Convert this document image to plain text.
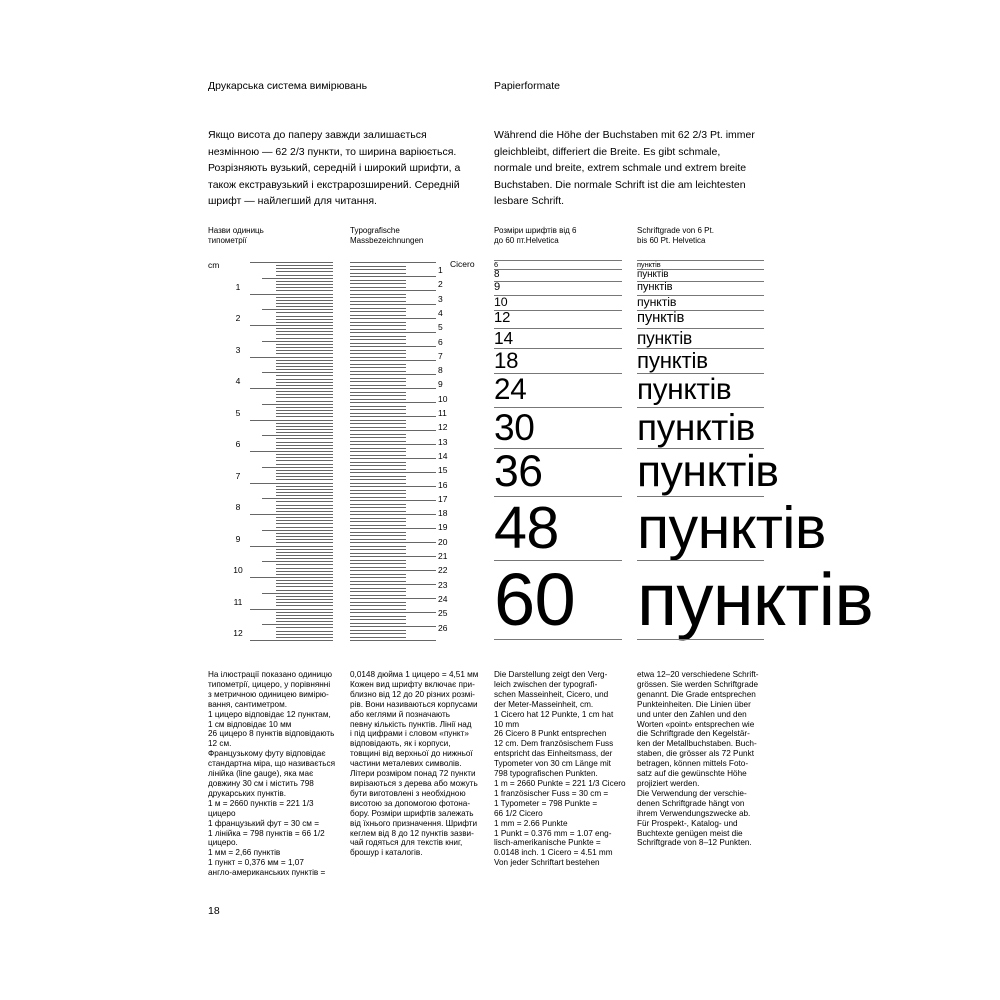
Друкарська система вимірювань	Papierformate
Якщо висота до паперу завжди залишається незмінною — 62 2/3 пункти, то ширина варіюється. Розрізняють вузький, середній і широкий шрифти, а також екстравузький і екстрарозширений. Середній шрифт — найлегший для читання.
Während die Höhe der Buchstaben mit 62 2/3 Pt. immer gleichbleibt, differiert die Breite. Es gibt schmale, normale und breite, extrem schmale und extrem breite Buchstaben. Die normale Schrift ist die am leichtesten lesbare Schrift.
Назви одиниць
типометрії
Typografische
Massbezeichnungen
Розміри шрифтів від 6
до 60 пт.Helvetica
Schriftgrade von 6 Pt.
bis 60 Pt. Helvetica
cm	Cicero
1
2
3
4
5
6
7
8
9
10
11
12
1
2
3
4
5
6
7
8
9
10
11
12
13
14
15
16
17
18
19
20
21
22
23
24
25
26
6
8
9
10
12
14
18
24
30
36
48
60
пунктів
пунктів
пунктів
пунктів
пунктів
пунктів
пунктів
пунктів
пунктів
пунктів
пунктів
пунктів
На ілюстрації показано одиницю
типометрії, цицеро, у порівнянні
з метричною одиницею вимірю-
вання, сантиметром.
1 цицеро відповідає 12 пунктам,
1 см відповідає 10 мм
26 цицеро 8 пунктів відповідають
12 см.
Французькому футу відповідає
стандартна міра, що називається
лінійка (line gauge), яка має
довжину 30 см і містить 798
друкарських пунктів.
1 м = 2660 пунктів = 221 1/3 цицеро
1 французький фут = 30 см =
1 лінійка = 798 пунктів = 66 1/2
цицеро.
1 мм = 2,66 пунктів
1 пункт = 0,376 мм = 1,07
англо-американських пунктів =
0,0148 дюйма 1 цицеро = 4,51 мм
Кожен вид шрифту включає при-
близно від 12 до 20 різних розмі-
рів. Вони називаються корпусами
або кеглями й позначають
певну кількість пунктів. Лінії над
і під цифрами і словом «пункт»
відповідають, як і корпуси,
товщині від верхньої до нижньої
частини металевих символів.
Літери розміром понад 72 пункти
вирізаються з дерева або можуть
бути виготовлені з необхідною
висотою за допомогою фотона-
бору. Розміри шрифтів залежать
від їхнього призначення. Шрифти
кеглем від 8 до 12 пунктів зазви-
чай годяться для текстів книг,
брошур і каталогів.
Die Darstellung zeigt den Verg-
leich zwischen der typografi-
schen Masseinheit, Cicero, und
der Meter-Masseinheit, cm.
1 Cicero hat 12 Punkte, 1 cm hat
10 mm
26 Cicero 8 Punkt entsprechen
12 cm. Dem französischem Fuss
entspricht das Einheitsmass, der
Typometer von 30 cm Länge mit
798 typografischen Punkten.
1 m = 2660 Punkte = 221 1/3 Cicero
1 französischer Fuss = 30 cm =
1 Typometer = 798 Punkte =
66 1/2 Cicero
1 mm = 2.66 Punkte
1 Punkt = 0.376 mm = 1.07 eng-
lisch-amerikanische Punkte =
0.0148 inch. 1 Cicero = 4.51 mm
Von jeder Schriftart bestehen
etwa 12–20 verschiedene Schrift-
grössen. Sie werden Schriftgrade
genannt. Die Grade entsprechen
Punkteinheiten. Die Linien über
und unter den Zahlen und den
Worten «point» entsprechen wie
die Schriftgrade den Kegelstär-
ken der Metallbuchstaben. Buch-
staben, die grösser als 72 Punkt
betragen, können mittels Foto-
satz auf die gewünschte Höhe
projiziert werden.
Die Verwendung der verschie-
denen Schriftgrade hängt von
ihrem Verwendungszwecke ab.
Für Prospekt-, Katalog- und
Buchtexte genügen meist die
Schriftgrade von 8–12 Punkten.
18
